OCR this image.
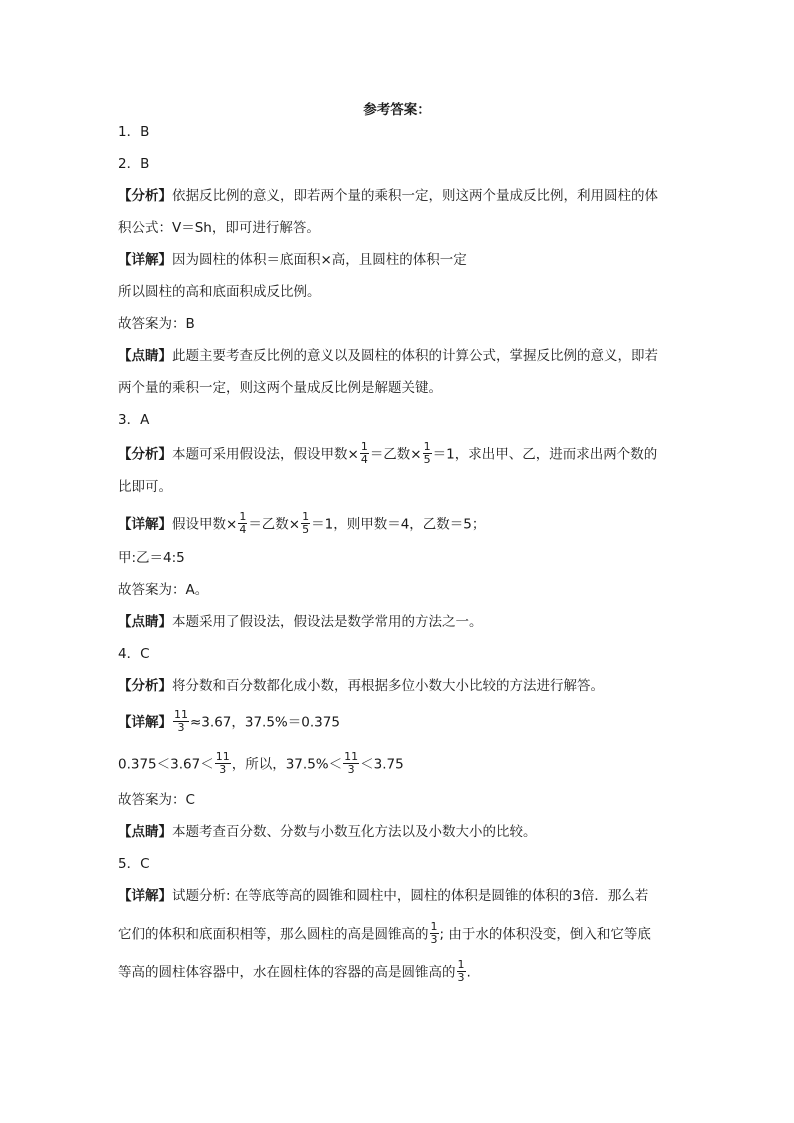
参考答案：
1．B
2．B
【分析】依据反比例的意义，即若两个量的乘积一定，则这两个量成反比例，利用圆柱的体
积公式：V＝Sh，即可进行解答。
【详解】因为圆柱的体积＝底面积×高，且圆柱的体积一定
所以圆柱的高和底面积成反比例。
故答案为：B
【点睛】此题主要考查反比例的意义以及圆柱的体积的计算公式，掌握反比例的意义，即若
两个量的乘积一定，则这两个量成反比例是解题关键。
3．A
【分析】本题可采用假设法，假设甲数× $\frac{1}{4}$ ＝乙数× $\frac{1}{5} =1$，求出甲、乙，进而求出两个数的
比即可。
【详解】假设甲数× $\frac{1}{4}$ ＝乙数× $\frac{1}{5} =1$，则甲数＝4，乙数＝5；
甲:乙＝4:5
故答案为：A。
【点睛】本题采用了假设法，假设法是数学常用的方法之一。
4．C
【分析】将分数和百分数都化成小数，再根据多位小数大小比较的方法进行解答。
【详解】 $\frac{11}{3} \approx 3.67$，37.5%＝0.375
$0.375<3.67< \frac{11}{3}$ ，所以，$37.5\%< \frac{11}{3} <3.75$
故答案为：C
【点睛】本题考查百分数、分数与小数互化方法以及小数大小的比较。
5．C
【详解】试题分析: 在等底等高的圆锥和圆柱中，圆柱的体积是圆锥的体积的3倍．那么若
它们的体积和底面积相等，那么圆柱的高是圆锥高的 $\frac{1}{3}$ ; 由于水的体积没变，倒入和它等底
等高的圆柱体容器中，水在圆柱体的容器的高是圆锥高的 $\frac{1}{3}$ .
